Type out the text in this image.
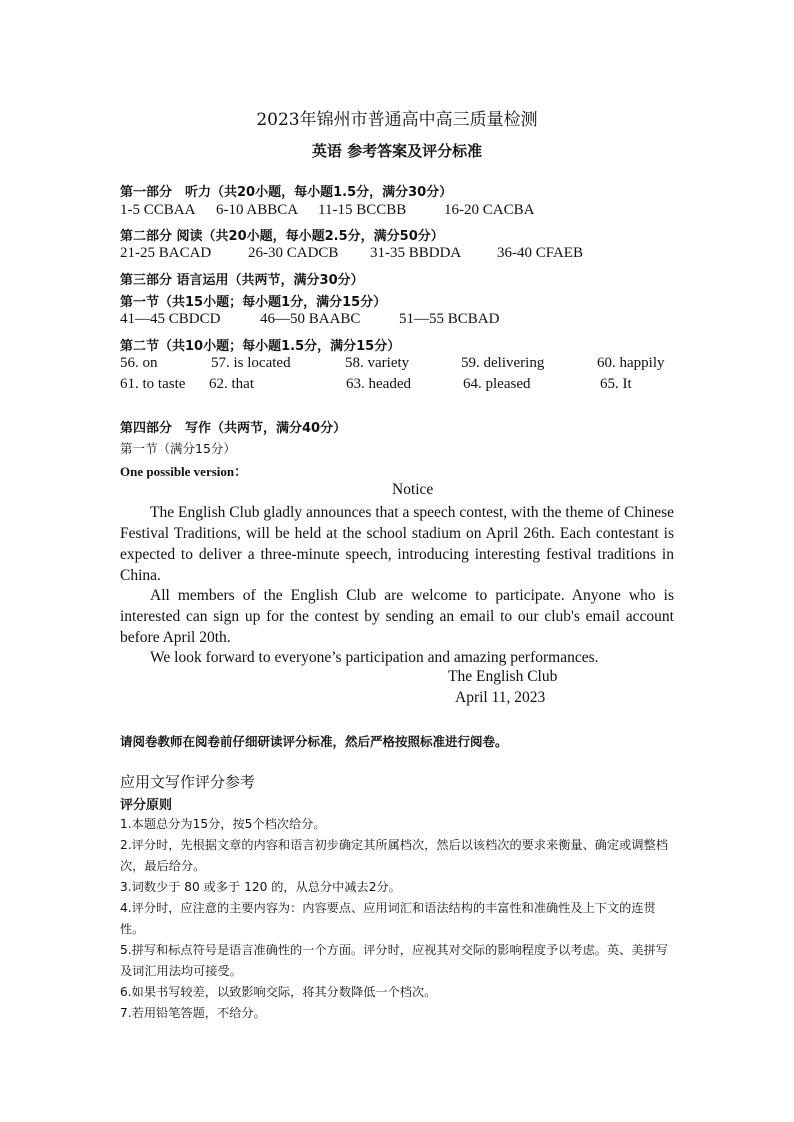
2023年锦州市普通高中高三质量检测
英语 参考答案及评分标准
第一部分　听力（共20小题，每小题1.5分，满分30分）
1-5 CCBAA 6-10 ABBCA 11-15 BCCBB	16-20 CACBA
第二部分 阅读（共20小题，每小题2.5分，满分50分）
21-25 BACAD 26-30 CADCB 31-35 BBDDA 36-40 CFAEB
第三部分 语言运用（共两节，满分30分）
第一节（共15小题；每小题1分，满分15分）
41—45 CBDCD	46—50 BAABC	51—55 BCBAD
第二节（共10小题；每小题1.5分，满分15分）
56. on	57. is located	58. variety	59. delivering	60. happily
61. to taste 62. that	63. headed	64. pleased	65. It
第四部分　写作（共两节，满分40分）
第一节（满分15分）
One possible version：
Notice
The English Club gladly announces that a speech contest, with the theme of Chinese Festival Traditions, will be held at the school stadium on April 26th. Each contestant is expected to deliver a three-minute speech, introducing interesting festival traditions in China.
All members of the English Club are welcome to participate. Anyone who is interested can sign up for the contest by sending an email to our club's email account before April 20th.
We look forward to everyone’s participation and amazing performances.
The English Club
April 11, 2023
请阅卷教师在阅卷前仔细研读评分标准，然后严格按照标准进行阅卷。
应用文写作评分参考
评分原则
1.本题总分为15分，按5个档次给分。
2.评分时，先根据文章的内容和语言初步确定其所属档次，然后以该档次的要求来衡量、确定或调整档次，最后给分。
3.词数少于 80 或多于 120 的，从总分中减去2分。
4.评分时，应注意的主要内容为：内容要点、应用词汇和语法结构的丰富性和准确性及上下文的连贯性。
5.拼写和标点符号是语言准确性的一个方面。评分时，应视其对交际的影响程度予以考虑。英、美拼写及词汇用法均可接受。
6.如果书写较差，以致影响交际，将其分数降低一个档次。
7.若用铅笔答题，不给分。
